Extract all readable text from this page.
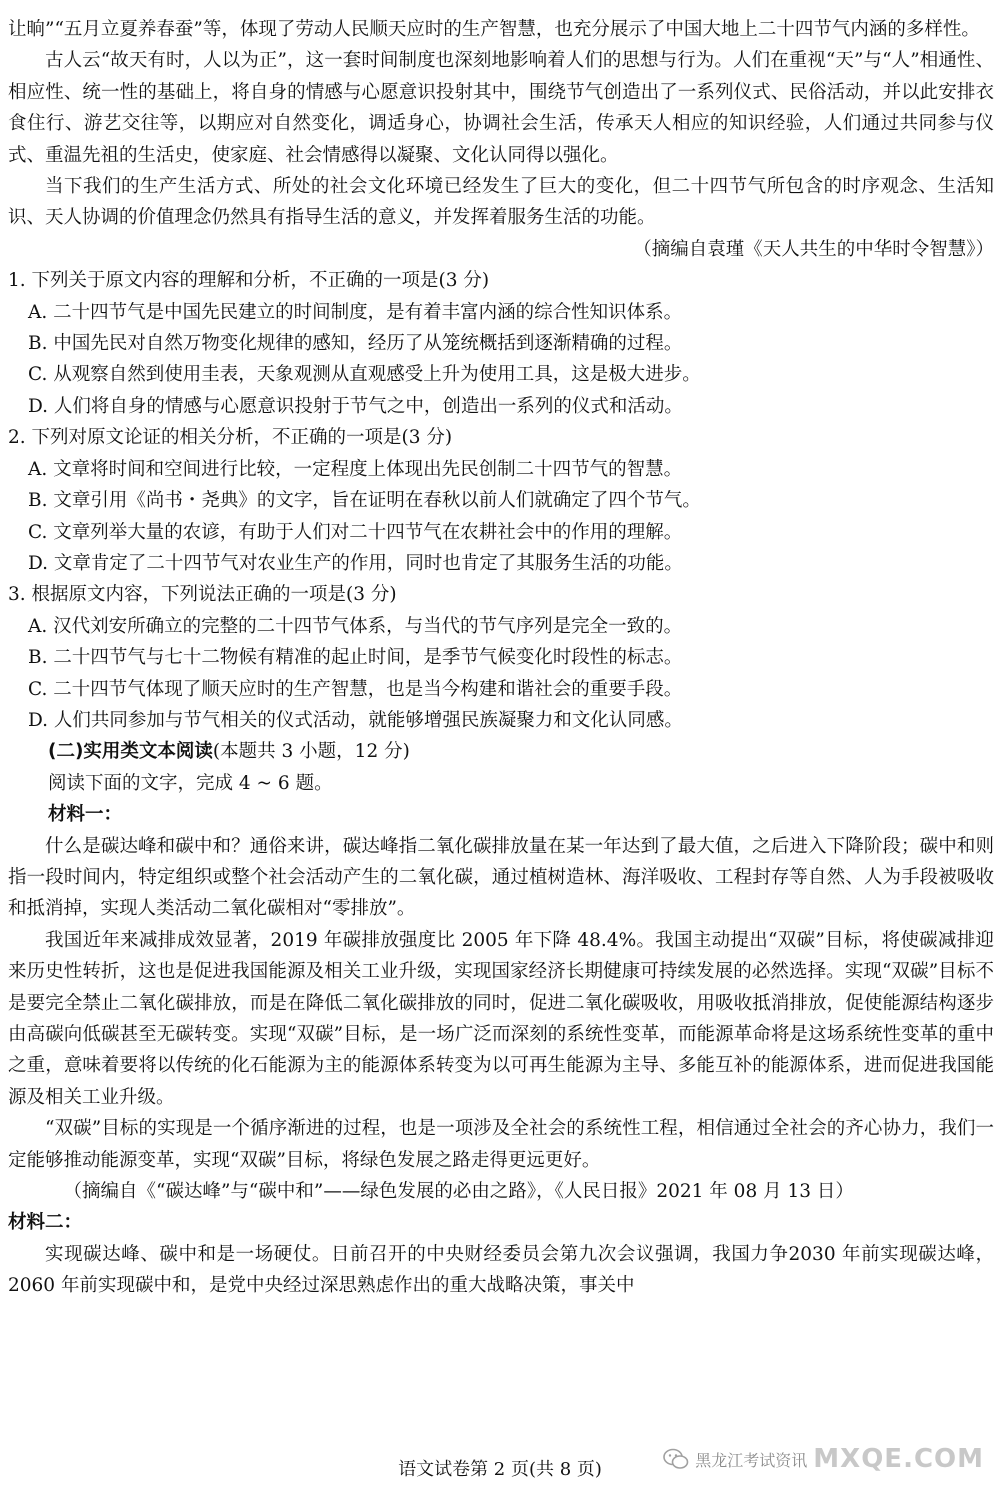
让晌”“五月立夏养春蚕”等，体现了劳动人民顺天应时的生产智慧，也充分展示了中国大地上二十四节气内涵的多样性。

古人云“故天有时，人以为正”，这一套时间制度也深刻地影响着人们的思想与行为。人们在重视“天”与“人”相通性、相应性、统一性的基础上，将自身的情感与心愿意识投射其中，围绕节气创造出了一系列仪式、民俗活动，并以此安排衣食住行、游艺交往等，以期应对自然变化，调适身心，协调社会生活，传承天人相应的知识经验，人们通过共同参与仪式、重温先祖的生活史，使家庭、社会情感得以凝聚、文化认同得以强化。

当下我们的生产生活方式、所处的社会文化环境已经发生了巨大的变化，但二十四节气所包含的时序观念、生活知识、天人协调的价值理念仍然具有指导生活的意义，并发挥着服务生活的功能。

（摘编自袁瑾《天人共生的中华时令智慧》）

1. 下列关于原文内容的理解和分析，不正确的一项是(3 分)

A. 二十四节气是中国先民建立的时间制度，是有着丰富内涵的综合性知识体系。

B. 中国先民对自然万物变化规律的感知，经历了从笼统概括到逐渐精确的过程。

C. 从观察自然到使用圭表，天象观测从直观感受上升为使用工具，这是极大进步。

D. 人们将自身的情感与心愿意识投射于节气之中，创造出一系列的仪式和活动。

2. 下列对原文论证的相关分析，不正确的一项是(3 分)

A. 文章将时间和空间进行比较，一定程度上体现出先民创制二十四节气的智慧。

B. 文章引用《尚书・尧典》的文字，旨在证明在春秋以前人们就确定了四个节气。

C. 文章列举大量的农谚，有助于人们对二十四节气在农耕社会中的作用的理解。

D. 文章肯定了二十四节气对农业生产的作用，同时也肯定了其服务生活的功能。

3. 根据原文内容，下列说法正确的一项是(3 分)

A. 汉代刘安所确立的完整的二十四节气体系，与当代的节气序列是完全一致的。

B. 二十四节气与七十二物候有精准的起止时间，是季节气候变化时段性的标志。

C. 二十四节气体现了顺天应时的生产智慧，也是当今构建和谐社会的重要手段。

D. 人们共同参加与节气相关的仪式活动，就能够增强民族凝聚力和文化认同感。

(二)实用类文本阅读(本题共 3 小题，12 分)

阅读下面的文字，完成 4 ~ 6 题。

材料一：

什么是碳达峰和碳中和？通俗来讲，碳达峰指二氧化碳排放量在某一年达到了最大值，之后进入下降阶段；碳中和则指一段时间内，特定组织或整个社会活动产生的二氧化碳，通过植树造林、海洋吸收、工程封存等自然、人为手段被吸收和抵消掉，实现人类活动二氧化碳相对“零排放”。

我国近年来减排成效显著，2019 年碳排放强度比 2005 年下降 48.4%。我国主动提出“双碳”目标，将使碳减排迎来历史性转折，这也是促进我国能源及相关工业升级，实现国家经济长期健康可持续发展的必然选择。实现“双碳”目标不是要完全禁止二氧化碳排放，而是在降低二氧化碳排放的同时，促进二氧化碳吸收，用吸收抵消排放，促使能源结构逐步由高碳向低碳甚至无碳转变。实现“双碳”目标，是一场广泛而深刻的系统性变革，而能源革命将是这场系统性变革的重中之重，意味着要将以传统的化石能源为主的能源体系转变为以可再生能源为主导、多能互补的能源体系，进而促进我国能源及相关工业升级。

“双碳”目标的实现是一个循序渐进的过程，也是一项涉及全社会的系统性工程，相信通过全社会的齐心协力，我们一定能够推动能源变革，实现“双碳”目标，将绿色发展之路走得更远更好。

（摘编自《“碳达峰”与“碳中和”——绿色发展的必由之路》，《人民日报》2021 年 08 月 13 日）

材料二：

实现碳达峰、碳中和是一场硬仗。日前召开的中央财经委员会第九次会议强调，我国力争2030 年前实现碳达峰，2060 年前实现碳中和，是党中央经过深思熟虑作出的重大战略决策，事关中

语文试卷第 2 页(共 8 页)	黑龙江考试资讯 MXQE.COM
